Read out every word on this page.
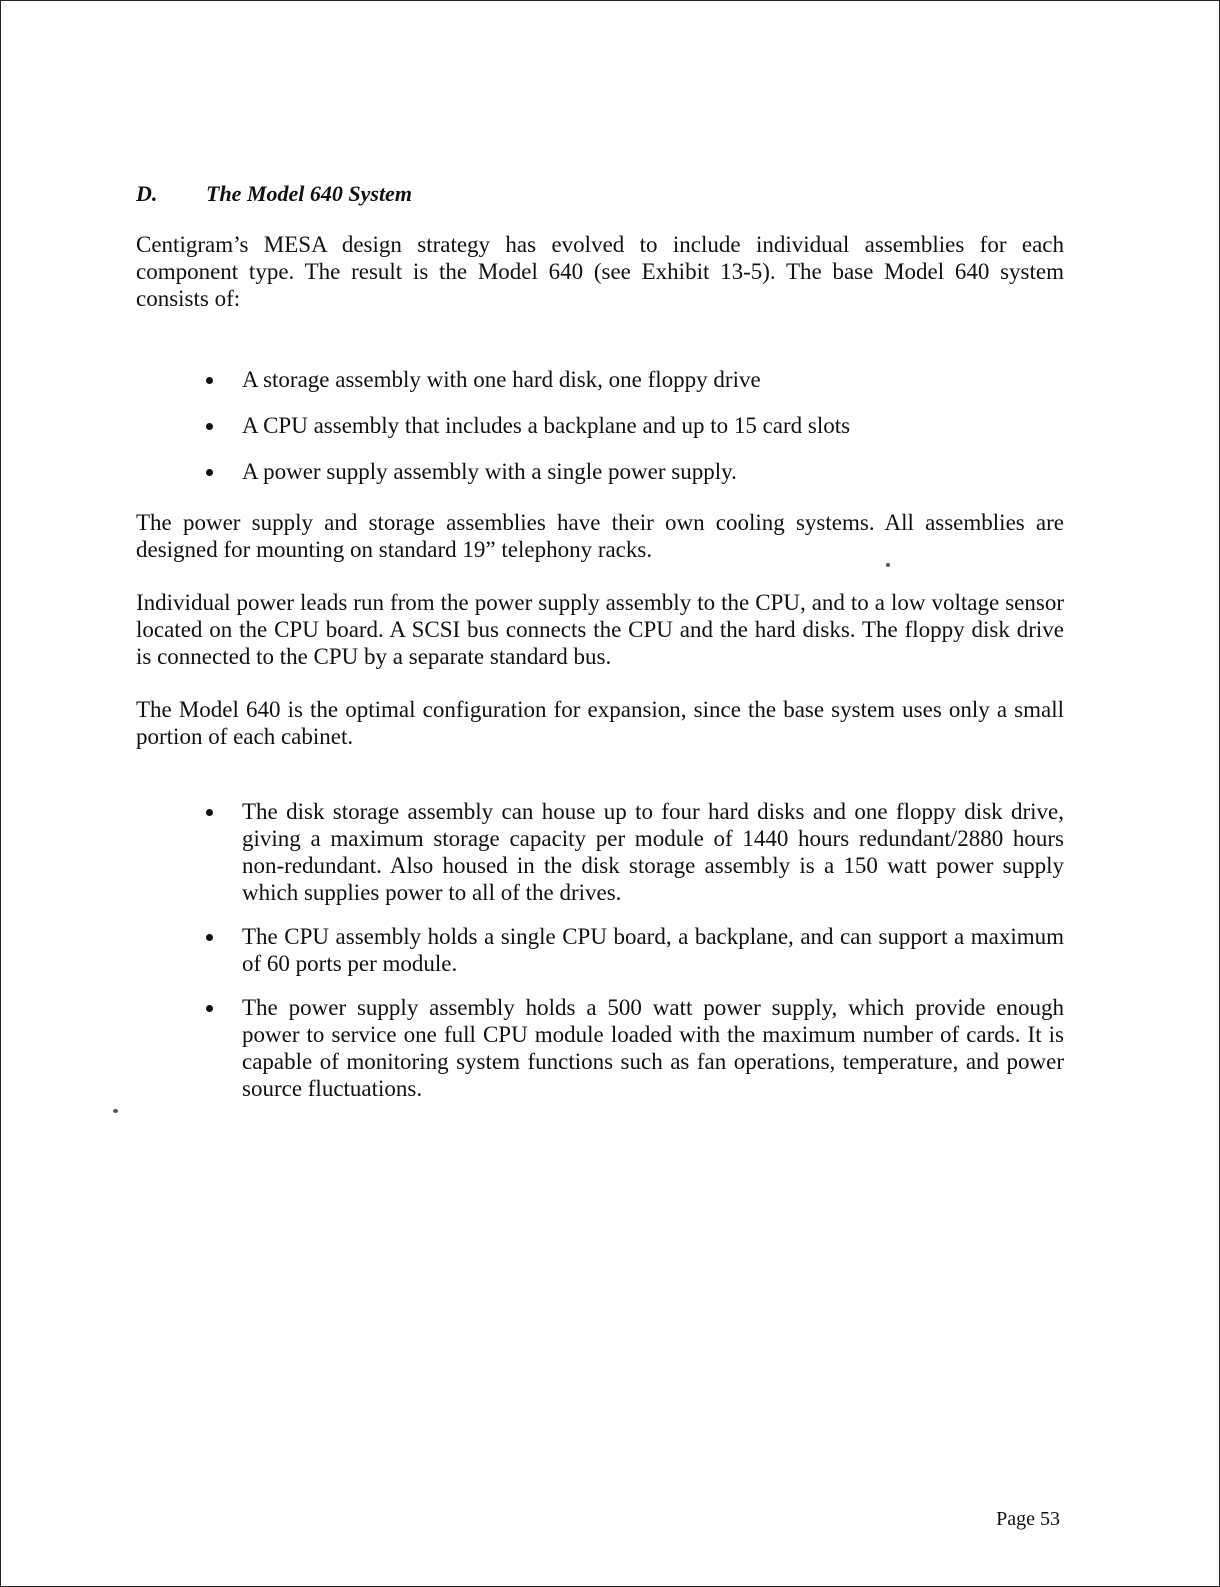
D.	The Model 640 System

Centigram’s MESA design strategy has evolved to include individual assemblies for each component type. The result is the Model 640 (see Exhibit 13-5). The base Model 640 system consists of:

A storage assembly with one hard disk, one floppy drive
A CPU assembly that includes a backplane and up to 15 card slots
A power supply assembly with a single power supply.

The power supply and storage assemblies have their own cooling systems. All assemblies are designed for mounting on standard 19” telephony racks.

Individual power leads run from the power supply assembly to the CPU, and to a low voltage sensor located on the CPU board. A SCSI bus connects the CPU and the hard disks. The floppy disk drive is connected to the CPU by a separate standard bus.

The Model 640 is the optimal configuration for expansion, since the base system uses only a small portion of each cabinet.

The disk storage assembly can house up to four hard disks and one floppy disk drive, giving a maximum storage capacity per module of 1440 hours redundant/2880 hours non-redundant. Also housed in the disk storage assembly is a 150 watt power supply which supplies power to all of the drives.
The CPU assembly holds a single CPU board, a backplane, and can support a maximum of 60 ports per module.
The power supply assembly holds a 500 watt power supply, which provide enough power to service one full CPU module loaded with the maximum number of cards. It is capable of monitoring system functions such as fan operations, temperature, and power source fluctuations.
Page 53
